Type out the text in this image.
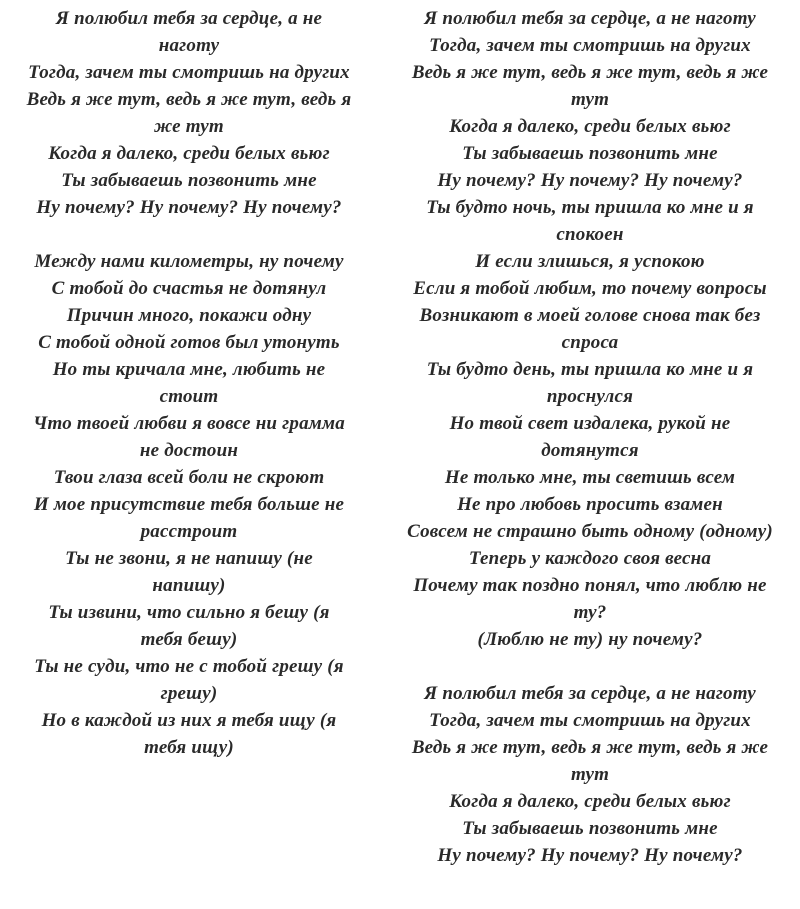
Я полюбил тебя за сердце, а не
наготу
Тогда, зачем ты смотришь на других
Ведь я же тут, ведь я же тут, ведь я
же тут
Когда я далеко, среди белых вьюг
Ты забываешь позвонить мне
Ну почему? Ну почему? Ну почему?
Между нами километры, ну почему
С тобой до счастья не дотянул
Причин много, покажи одну
С тобой одной готов был утонуть
Но ты кричала мне, любить не
стоит
Что твоей любви я вовсе ни грамма
не достоин
Твои глаза всей боли не скроют
И мое присутствие тебя больше не
расстроит
Ты не звони, я не напишу (не
напишу)
Ты извини, что сильно я бешу (я
тебя бешу)
Ты не суди, что не с тобой грешу (я
грешу)
Но в каждой из них я тебя ищу (я
тебя ищу)
Я полюбил тебя за сердце, а не наготу
Тогда, зачем ты смотришь на других
Ведь я же тут, ведь я же тут, ведь я же
тут
Когда я далеко, среди белых вьюг
Ты забываешь позвонить мне
Ну почему? Ну почему? Ну почему?
Ты будто ночь, ты пришла ко мне и я
спокоен
И если злишься, я успокою
Если я тобой любим, то почему вопросы
Возникают в моей голове снова так без
спроса
Ты будто день, ты пришла ко мне и я
проснулся
Но твой свет издалека, рукой не
дотянутся
Не только мне, ты светишь всем
Не про любовь просить взамен
Совсем не страшно быть одному (одному)
Теперь у каждого своя весна
Почему так поздно понял, что люблю не
ту?
(Люблю не ту) ну почему?
Я полюбил тебя за сердце, а не наготу
Тогда, зачем ты смотришь на других
Ведь я же тут, ведь я же тут, ведь я же
тут
Когда я далеко, среди белых вьюг
Ты забываешь позвонить мне
Ну почему? Ну почему? Ну почему?
